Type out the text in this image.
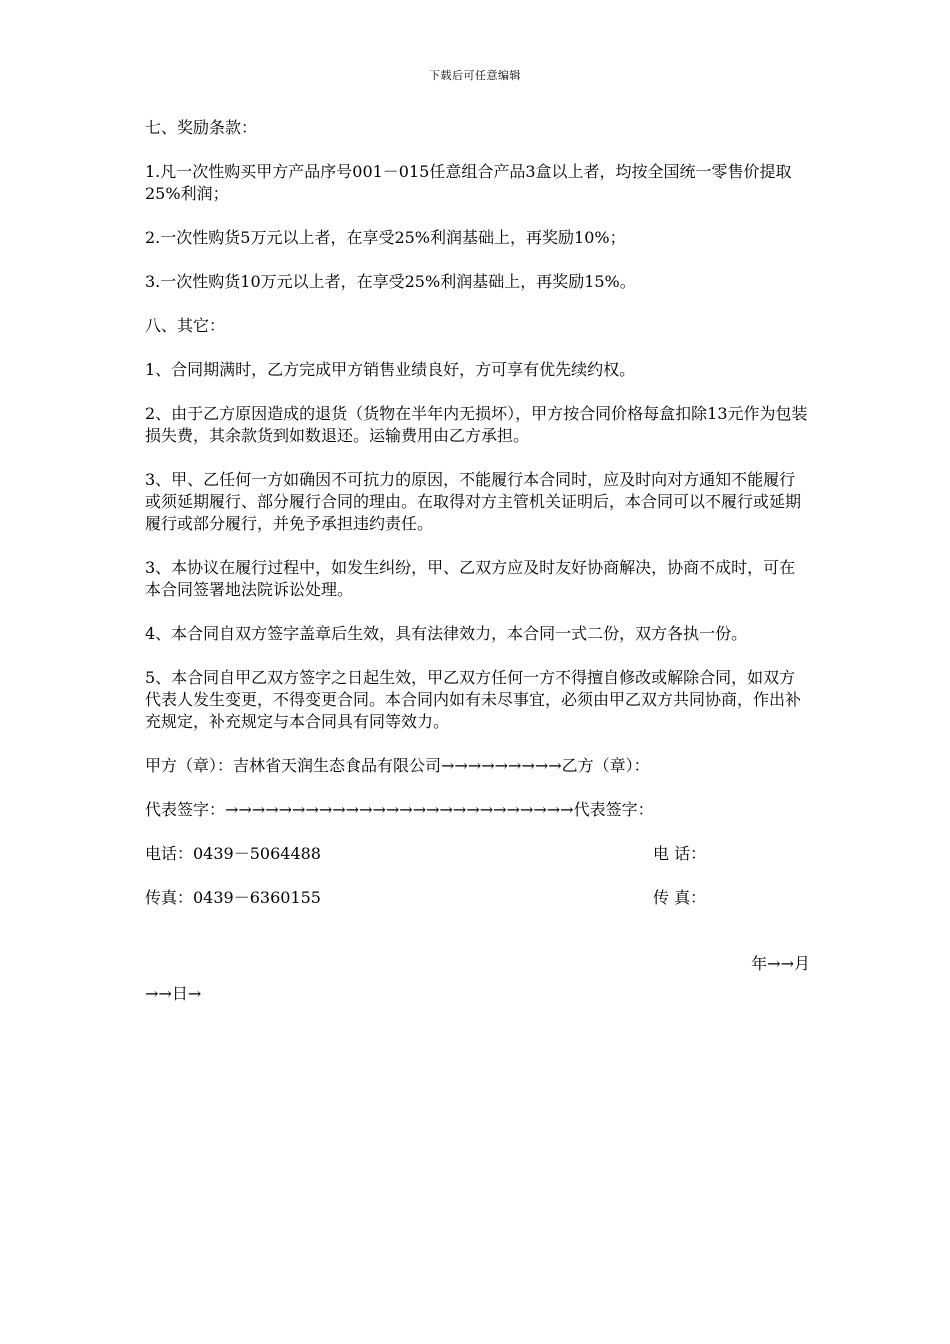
下载后可任意编辑

七、奖励条款：

1.凡一次性购买甲方产品序号001－015任意组合产品3盒以上者，均按全国统一零售价提取25%利润；

2.一次性购货5万元以上者，在享受25%利润基础上，再奖励10%；

3.一次性购货10万元以上者，在享受25%利润基础上，再奖励15%。

八、其它：

1、合同期满时，乙方完成甲方销售业绩良好，方可享有优先续约权。

2、由于乙方原因造成的退货（货物在半年内无损坏），甲方按合同价格每盒扣除13元作为包装损失费，其余款货到如数退还。运输费用由乙方承担。

3、甲、乙任何一方如确因不可抗力的原因，不能履行本合同时，应及时向对方通知不能履行或须延期履行、部分履行合同的理由。在取得对方主管机关证明后，本合同可以不履行或延期履行或部分履行，并免予承担违约责任。

3、本协议在履行过程中，如发生纠纷，甲、乙双方应及时友好协商解决，协商不成时，可在本合同签署地法院诉讼处理。

4、本合同自双方签字盖章后生效，具有法律效力，本合同一式二份，双方各执一份。

5、本合同自甲乙双方签字之日起生效，甲乙双方任何一方不得擅自修改或解除合同，如双方代表人发生变更，不得变更合同。本合同内如有未尽事宜，必须由甲乙双方共同协商，作出补充规定，补充规定与本合同具有同等效力。

甲方（章）：吉林省天润生态食品有限公司→→→→→→→→→乙方（章）：
代表签字：→→→→→→→→→→→→→→→→→→→→→→→→→→代表签字：
电话：0439－5064488	电 话：
传真：0439－6360155	传 真：
年→→月
→→日→
